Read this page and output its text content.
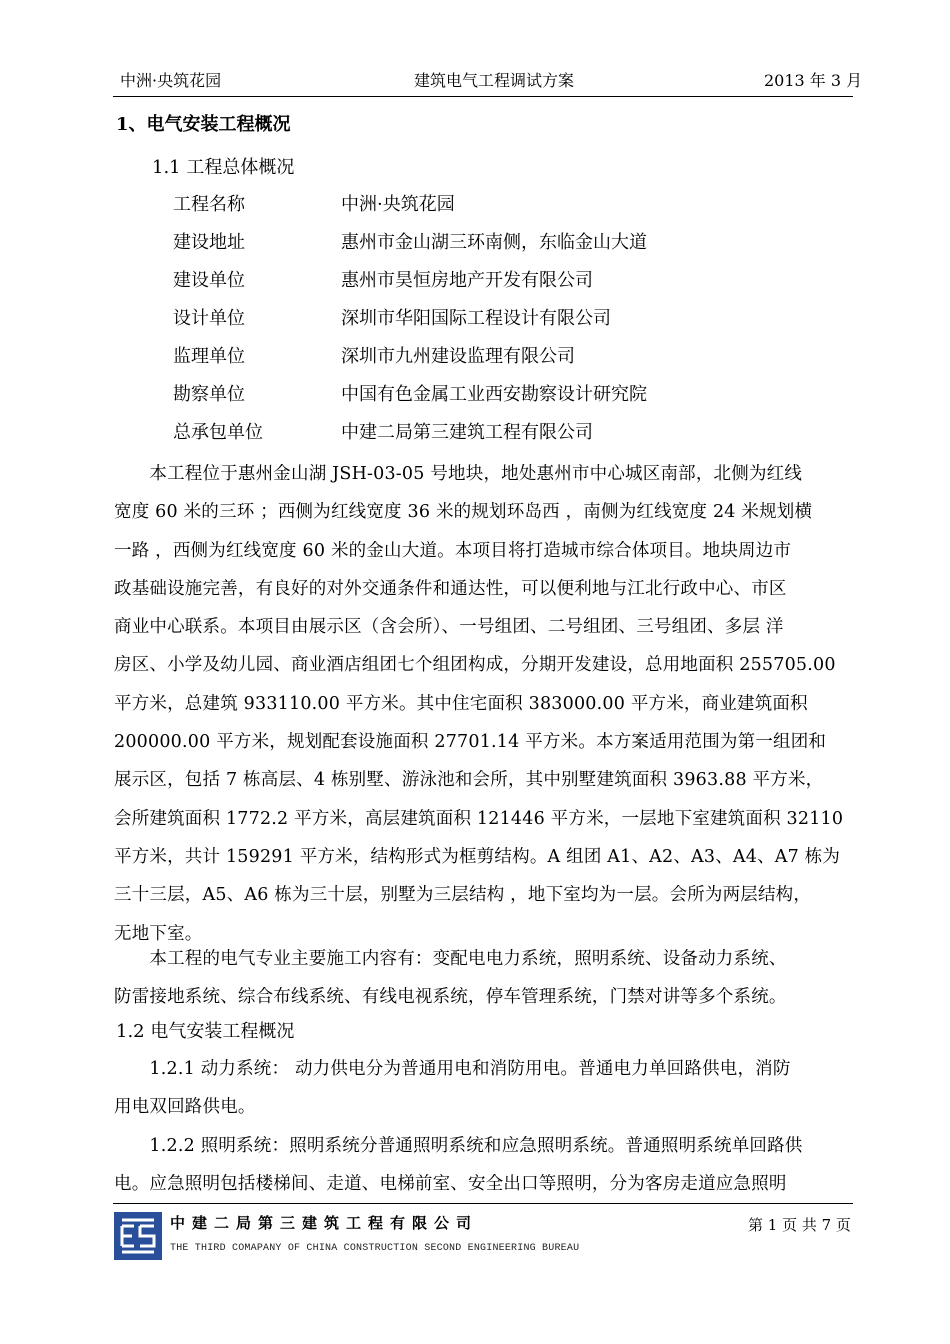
中洲·央筑花园	建筑电气工程调试方案	2013 年 3 月
1、电气安装工程概况
1.1 工程总体概况
工程名称	中洲·央筑花园
建设地址	惠州市金山湖三环南侧，东临金山大道
建设单位	惠州市昊恒房地产开发有限公司
设计单位	深圳市华阳国际工程设计有限公司
监理单位	深圳市九州建设监理有限公司
勘察单位	中国有色金属工业西安勘察设计研究院
总承包单位	中建二局第三建筑工程有限公司
　　本工程位于惠州金山湖 JSH-03-05 号地块，地处惠州市中心城区南部，北侧为红线
宽度 60 米的三环 ；西侧为红线宽度 36 米的规划环岛西 ，南侧为红线宽度 24 米规划横
一路 ，西侧为红线宽度 60 米的金山大道。本项目将打造城市综合体项目。地块周边市
政基础设施完善，有良好的对外交通条件和通达性，可以便利地与江北行政中心、市区
商业中心联系。本项目由展示区（含会所）、一号组团、二号组团、三号组团、多层 洋
房区、小学及幼儿园、商业酒店组团七个组团构成，分期开发建设，总用地面积 255705.00
平方米，总建筑 933110.00 平方米。其中住宅面积 383000.00 平方米，商业建筑面积
200000.00 平方米，规划配套设施面积 27701.14 平方米。本方案适用范围为第一组团和
展示区，包括 7 栋高层、4 栋别墅、游泳池和会所，其中别墅建筑面积 3963.88 平方米，
会所建筑面积 1772.2 平方米，高层建筑面积 121446 平方米，一层地下室建筑面积 32110
平方米，共计 159291 平方米，结构形式为框剪结构。A 组团 A1、A2、A3、A4、A7 栋为
三十三层，A5、A6 栋为三十层，别墅为三层结构 ，地下室均为一层。会所为两层结构，
无地下室。
　　本工程的电气专业主要施工内容有：变配电电力系统，照明系统、设备动力系统、
防雷接地系统、综合布线系统、有线电视系统，停车管理系统，门禁对讲等多个系统。
1.2 电气安装工程概况
　　1.2.1 动力系统： 动力供电分为普通用电和消防用电。普通电力单回路供电，消防
用电双回路供电。
　　1.2.2 照明系统：照明系统分普通照明系统和应急照明系统。普通照明系统单回路供
电。应急照明包括楼梯间、走道、电梯前室、安全出口等照明，分为客房走道应急照明
中建二局第三建筑工程有限公司
THE THIRD COMAPANY OF CHINA CONSTRUCTION SECOND ENGINEERING BUREAU
第 1 页 共 7 页
